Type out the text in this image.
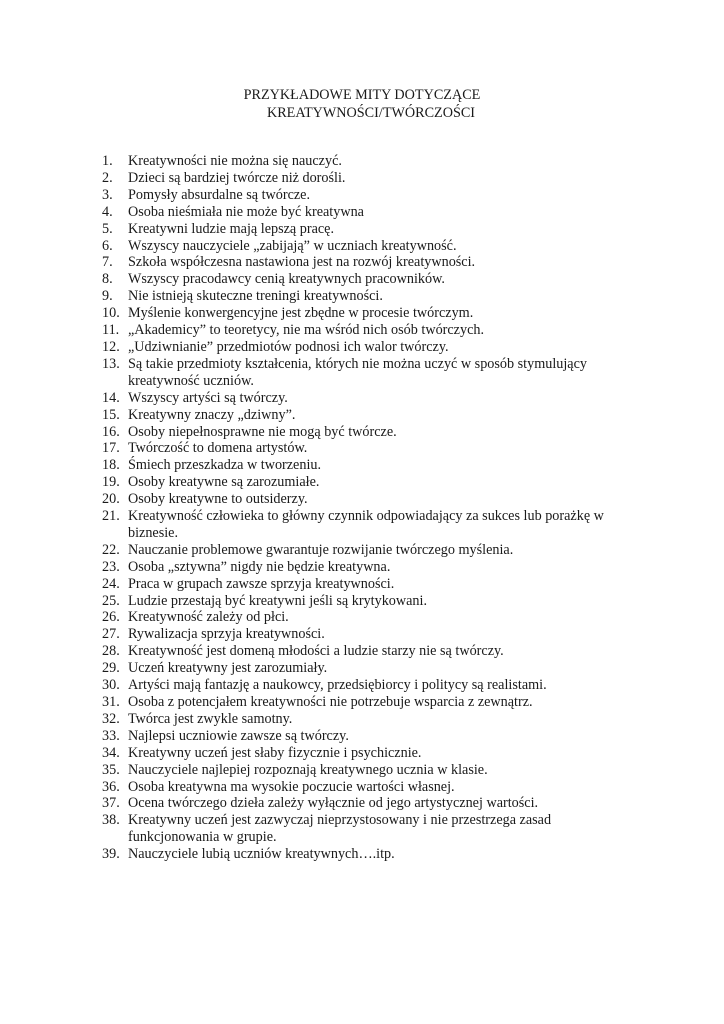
PRZYKŁADOWE MITY DOTYCZĄCE
KREATYWNOŚCI/TWÓRCZOŚCI
1. Kreatywności nie można się nauczyć.
2. Dzieci są bardziej twórcze niż dorośli.
3. Pomysły absurdalne są twórcze.
4. Osoba nieśmiała nie może być kreatywna
5. Kreatywni ludzie mają lepszą pracę.
6. Wszyscy nauczyciele „zabijają” w uczniach kreatywność.
7. Szkoła współczesna nastawiona jest na rozwój kreatywności.
8. Wszyscy pracodawcy cenią kreatywnych pracowników.
9. Nie istnieją skuteczne treningi kreatywności.
10. Myślenie konwergencyjne jest zbędne w procesie twórczym.
11. „Akademicy” to teoretycy, nie ma wśród nich osób twórczych.
12. „Udziwnianie” przedmiotów podnosi ich walor twórczy.
13. Są takie przedmioty kształcenia, których nie można uczyć w sposób stymulujący kreatywność uczniów.
14. Wszyscy artyści są twórczy.
15. Kreatywny znaczy „dziwny”.
16. Osoby niepełnosprawne nie mogą być twórcze.
17. Twórczość to domena artystów.
18. Śmiech przeszkadza w tworzeniu.
19. Osoby kreatywne są zarozumiałe.
20. Osoby kreatywne to outsiderzy.
21. Kreatywność człowieka to główny czynnik odpowiadający za sukces lub porażkę w biznesie.
22. Nauczanie problemowe gwarantuje rozwijanie twórczego myślenia.
23. Osoba „sztywna” nigdy nie będzie kreatywna.
24. Praca w grupach zawsze sprzyja kreatywności.
25. Ludzie przestają być kreatywni jeśli są krytykowani.
26. Kreatywność zależy od płci.
27. Rywalizacja sprzyja kreatywności.
28. Kreatywność jest domeną młodości a ludzie starzy nie są twórczy.
29. Uczeń kreatywny jest zarozumiały.
30. Artyści mają fantazję a naukowcy, przedsiębiorcy i politycy są realistami.
31. Osoba z potencjałem kreatywności nie potrzebuje wsparcia z zewnątrz.
32. Twórca jest zwykle samotny.
33. Najlepsi uczniowie zawsze są twórczy.
34. Kreatywny uczeń jest słaby fizycznie i psychicznie.
35. Nauczyciele najlepiej rozpoznają kreatywnego ucznia w klasie.
36. Osoba kreatywna ma wysokie poczucie wartości własnej.
37. Ocena twórczego dzieła zależy wyłącznie od jego artystycznej wartości.
38. Kreatywny uczeń jest zazwyczaj nieprzystosowany i nie przestrzega zasad funkcjonowania w grupie.
39. Nauczyciele lubią uczniów kreatywnych….itp.
